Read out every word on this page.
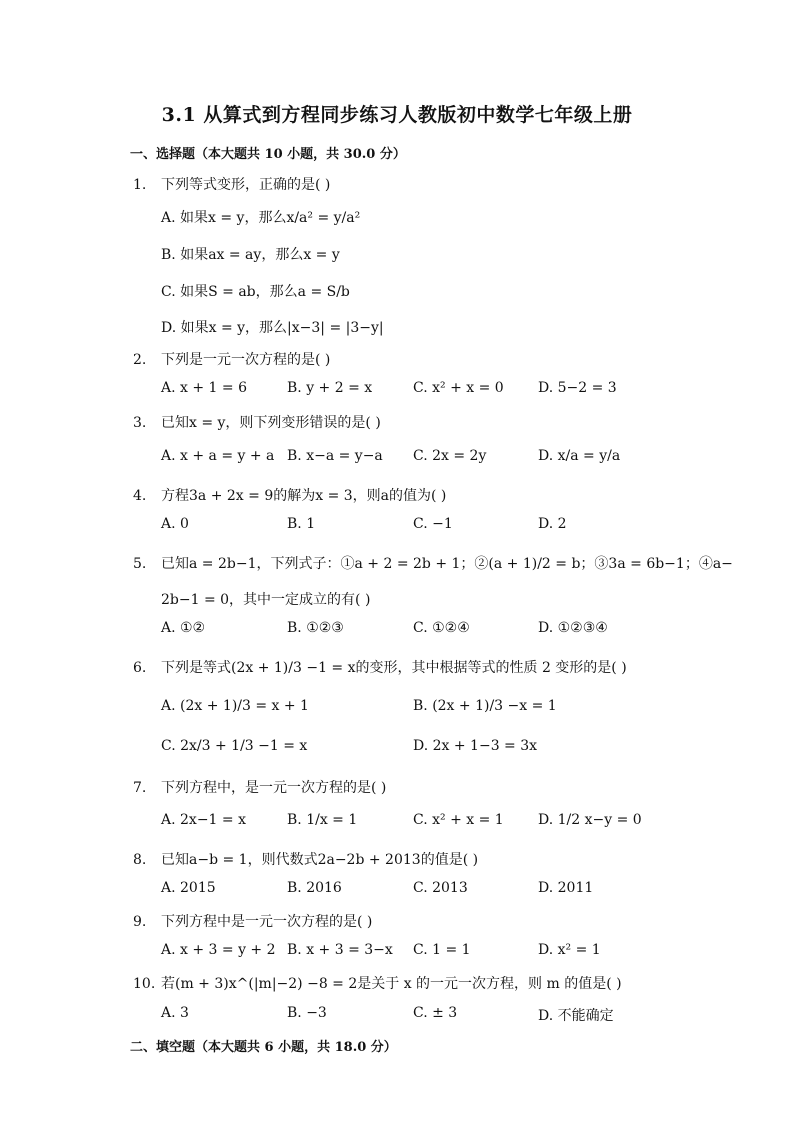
3.1 从算式到方程同步练习人教版初中数学七年级上册
一、选择题（本大题共 10 小题，共 30.0 分）
1. 下列等式变形，正确的是( )
A. 如果x = y，那么x/a² = y/a²
B. 如果ax = ay，那么x = y
C. 如果S = ab，那么a = S/b
D. 如果x = y，那么|x−3| = |3−y|
2. 下列是一元一次方程的是( )
A. x + 1 = 6	B. y + 2 = x	C. x² + x = 0 D. 5−2 = 3
3. 已知x = y，则下列变形错误的是( )
A. x + a = y + a B. x−a = y−a C. 2x = 2y	D. x/a = y/a
4. 方程3a + 2x = 9的解为x = 3，则a的值为( )
A. 0	B. 1	C. −1	D. 2
5. 已知a = 2b−1，下列式子：①a + 2 = 2b + 1；②(a + 1)/2 = b；③3a = 6b−1；④a−
2b−1 = 0，其中一定成立的有( )
A. ①②	B. ①②③	C. ①②④	D. ①②③④
6. 下列是等式(2x + 1)/3 −1 = x的变形，其中根据等式的性质 2 变形的是( )
A. (2x + 1)/3 = x + 1	B. (2x + 1)/3 −x = 1
C. 2x/3 + 1/3 −1 = x	D. 2x + 1−3 = 3x
7. 下列方程中，是一元一次方程的是( )
A. 2x−1 = x	B. 1/x = 1	C. x² + x = 1 D. 1/2 x−y = 0
8. 已知a−b = 1，则代数式2a−2b + 2013的值是( )
A. 2015	B. 2016	C. 2013	D. 2011
9. 下列方程中是一元一次方程的是( )
A. x + 3 = y + 2 B. x + 3 = 3−x C. 1 = 1	D. x² = 1
10. 若(m + 3)x^(|m|−2) −8 = 2是关于 x 的一元一次方程，则 m 的值是( )
A. 3	B. −3	C. ± 3	D. 不能确定
二、填空题（本大题共 6 小题，共 18.0 分）
